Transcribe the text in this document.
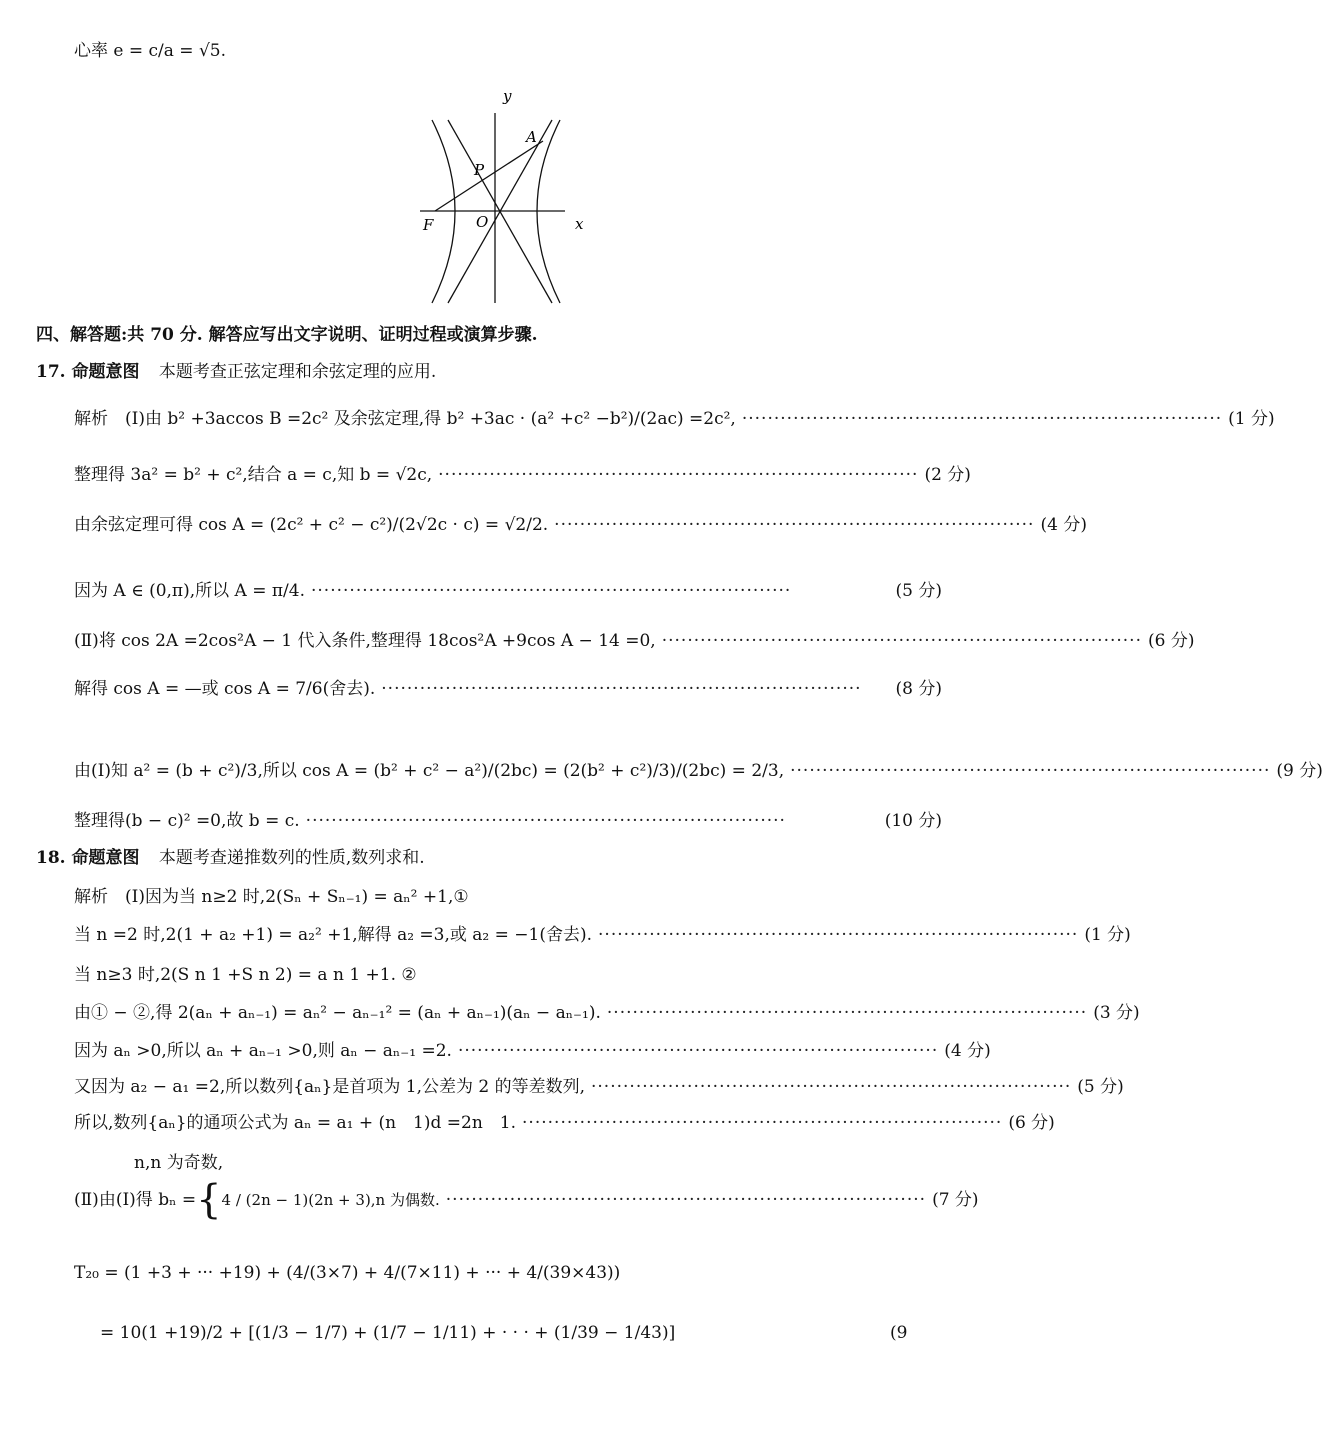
心率 e = c/a = √5.
y
x
A
P
O
F
四、解答题:共 70 分. 解答应写出文字说明、证明过程或演算步骤.
17. 命题意图 本题考查正弦定理和余弦定理的应用.
解析　(Ⅰ)由 b² +3accos B =2c² 及余弦定理,得 b² +3ac · (a² +c² −b²)/(2ac) =2c², ··········································································· (1 分)
整理得 3a² = b² + c²,结合 a = c,知 b = √2c, ··········································································· (2 分)
由余弦定理可得 cos A = (2c² + c² − c²)/(2√2c · c) = √2/2. ··········································································· (4 分)
因为 A ∈ (0,π),所以 A = π/4. ···········································································	(5 分)
(Ⅱ)将 cos 2A =2cos²A − 1 代入条件,整理得 18cos²A +9cos A − 14 =0, ··········································································· (6 分)
解得 cos A = —或 cos A = 7/6(舍去). ···········································································	(8 分)
由(Ⅰ)知 a² = (b + c²)/3,所以 cos A = (b² + c² − a²)/(2bc) = (2(b² + c²)/3)/(2bc) = 2/3, ··········································································· (9 分)
整理得(b − c)² =0,故 b = c. ···········································································	(10 分)
18. 命题意图 本题考查递推数列的性质,数列求和.
解析　(Ⅰ)因为当 n≥2 时,2(Sₙ + Sₙ₋₁) = aₙ² +1,①
当 n =2 时,2(1 + a₂ +1) = a₂² +1,解得 a₂ =3,或 a₂ = −1(舍去). ··········································································· (1 分)
当 n≥3 时,2(S n 1 +S n 2) = a n 1 +1. ②
由① − ②,得 2(aₙ + aₙ₋₁) = aₙ² − aₙ₋₁² = (aₙ + aₙ₋₁)(aₙ − aₙ₋₁). ··········································································· (3 分)
因为 aₙ >0,所以 aₙ + aₙ₋₁ >0,则 aₙ − aₙ₋₁ =2. ··········································································· (4 分)
又因为 a₂ − a₁ =2,所以数列{aₙ}是首项为 1,公差为 2 的等差数列, ··········································································· (5 分)
所以,数列{aₙ}的通项公式为 aₙ = a₁ + (n　1)d =2n　1. ··········································································· (6 分)
n,n 为奇数,
(Ⅱ)由(Ⅰ)得 bₙ = { 4 / (2n − 1)(2n + 3),n 为偶数. ··········································································· (7 分)
T₂₀ = (1 +3 + ··· +19) + (4/(3×7) + 4/(7×11) + ··· + 4/(39×43))
= 10(1 +19)/2 + [(1/3 − 1/7) + (1/7 − 1/11) + · · · + (1/39 − 1/43)]	(9
